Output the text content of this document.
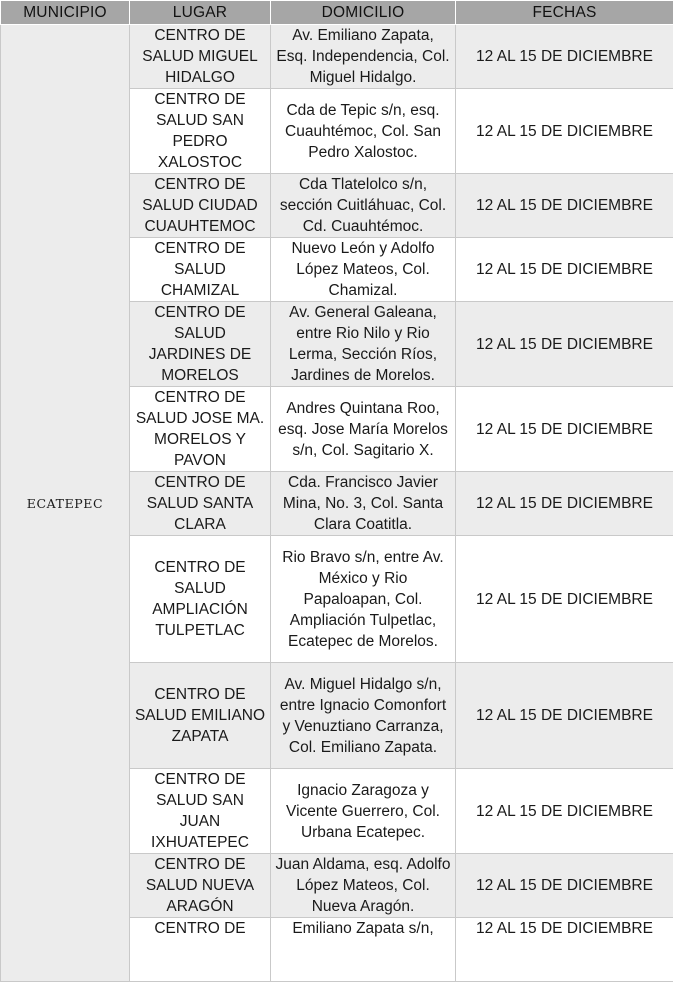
MUNICIPIO	LUGAR	DOMICILIO	FECHAS
ECATEPEC	CENTRO DE SALUD MIGUEL HIDALGO	Av. Emiliano Zapata, Esq. Independencia, Col. Miguel Hidalgo.	12 AL 15 DE DICIEMBRE
	CENTRO DE SALUD SAN PEDRO XALOSTOC	Cda de Tepic s/n, esq. Cuauhtémoc, Col. San Pedro Xalostoc.	12 AL 15 DE DICIEMBRE
	CENTRO DE SALUD CIUDAD CUAUHTEMOC	Cda Tlatelolco s/n, sección Cuitláhuac, Col. Cd. Cuauhtémoc.	12 AL 15 DE DICIEMBRE
	CENTRO DE SALUD CHAMIZAL	Nuevo León y Adolfo López Mateos, Col. Chamizal.	12 AL 15 DE DICIEMBRE
	CENTRO DE SALUD JARDINES DE MORELOS	Av. General Galeana, entre Rio Nilo y Rio Lerma, Sección Ríos, Jardines de Morelos.	12 AL 15 DE DICIEMBRE
	CENTRO DE SALUD JOSE MA. MORELOS Y PAVON	Andres Quintana Roo, esq. Jose María Morelos s/n, Col. Sagitario X.	12 AL 15 DE DICIEMBRE
	CENTRO DE SALUD SANTA CLARA	Cda. Francisco Javier Mina, No. 3, Col. Santa Clara Coatitla.	12 AL 15 DE DICIEMBRE
	CENTRO DE SALUD AMPLIACIÓN TULPETLAC	Rio Bravo s/n, entre Av. México y Rio Papaloapan, Col. Ampliación Tulpetlac, Ecatepec de Morelos.	12 AL 15 DE DICIEMBRE
	CENTRO DE SALUD EMILIANO ZAPATA	Av. Miguel Hidalgo s/n, entre Ignacio Comonfort y Venuztiano Carranza, Col. Emiliano Zapata.	12 AL 15 DE DICIEMBRE
	CENTRO DE SALUD SAN JUAN IXHUATEPEC	Ignacio Zaragoza y Vicente Guerrero, Col. Urbana Ecatepec.	12 AL 15 DE DICIEMBRE
	CENTRO DE SALUD NUEVA ARAGÓN	Juan Aldama, esq. Adolfo López Mateos, Col. Nueva Aragón.	12 AL 15 DE DICIEMBRE
	CENTRO DE	Emiliano Zapata s/n,	12 AL 15 DE DICIEMBRE
